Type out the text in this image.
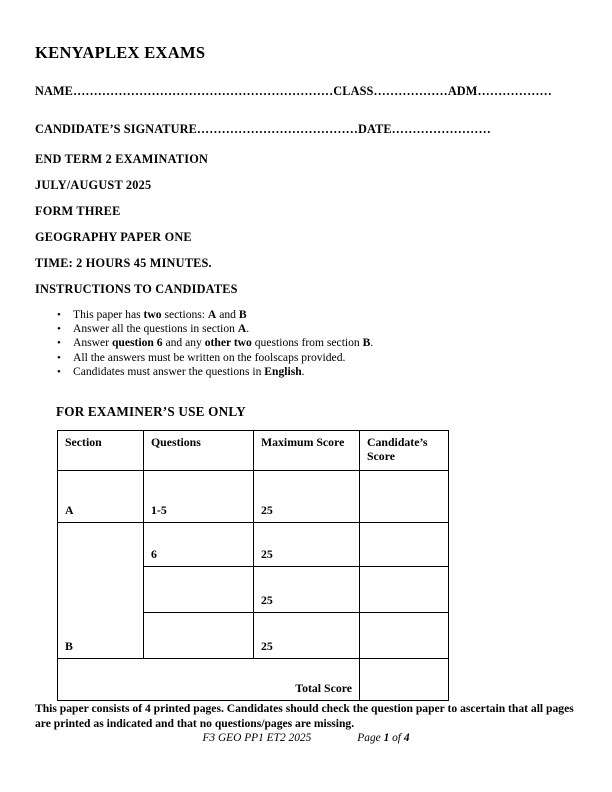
KENYAPLEX EXAMS
NAME………………………………………………………CLASS………………ADM………………
CANDIDATE’S SIGNATURE…………………………………DATE……………………
END TERM 2 EXAMINATION
JULY/AUGUST 2025
FORM THREE
GEOGRAPHY PAPER ONE
TIME: 2 HOURS 45 MINUTES.
INSTRUCTIONS TO CANDIDATES
• This paper has two sections: A and B
• Answer all the questions in section A.
• Answer question 6 and any other two questions from section B.
• All the answers must be written on the foolscaps provided.
• Candidates must answer the questions in English.
FOR EXAMINER’S USE ONLY
Section	Questions	Maximum Score	Candidate’s Score
A	1-5	25	
B	6	25	
		25	
		25	
Total Score			
This paper consists of 4 printed pages. Candidates should check the question paper to ascertain that all pages are printed as indicated and that no questions/pages are missing.
F3 GEO PP1 ET2 2025	Page 1 of 4
